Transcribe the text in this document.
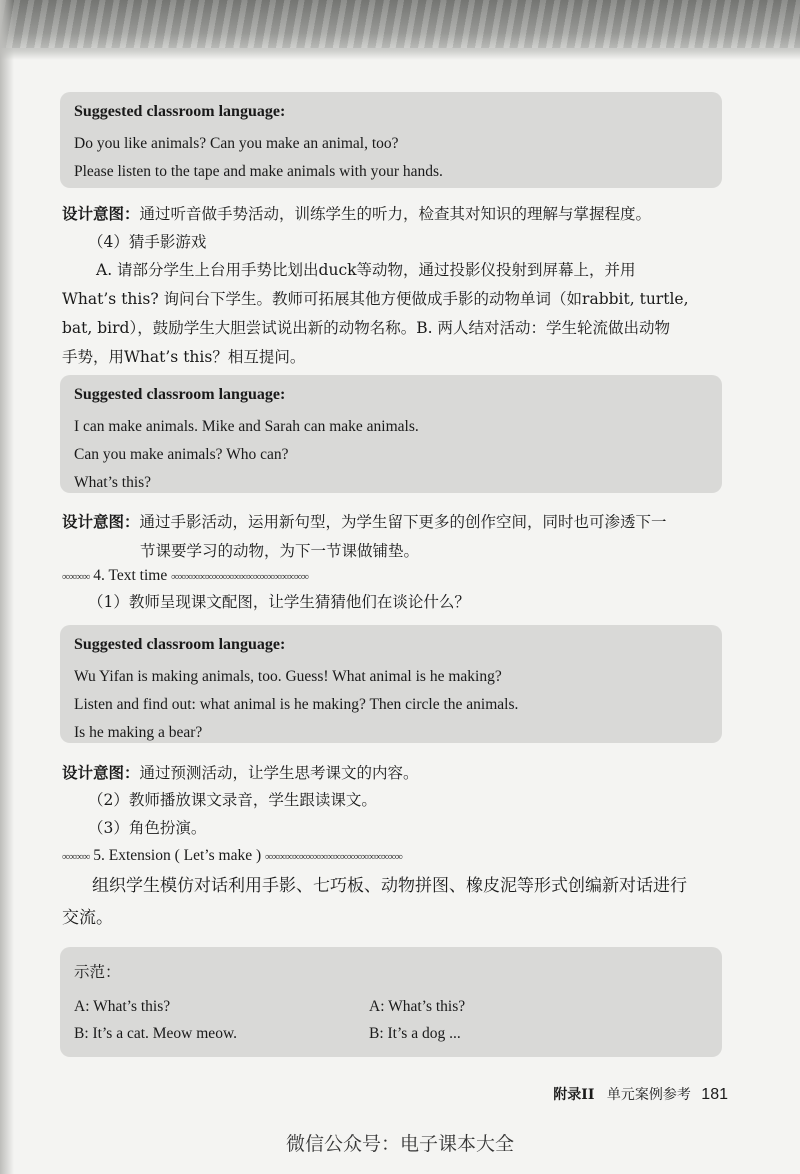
Suggested classroom language:
Do you like animals? Can you make an animal, too?
Please listen to the tape and make animals with your hands.
设计意图：通过听音做手势活动，训练学生的听力，检查其对知识的理解与掌握程度。
（4）猜手影游戏
A. 请部分学生上台用手势比划出duck等动物，通过投影仪投射到屏幕上，并用
What’s this? 询问台下学生。教师可拓展其他方便做成手影的动物单词（如rabbit, turtle,
bat, bird），鼓励学生大胆尝试说出新的动物名称。B. 两人结对活动：学生轮流做出动物
手势，用What’s this？相互提问。
Suggested classroom language:
I can make animals. Mike and Sarah can make animals.
Can you make animals? Who can?
What’s this?
设计意图：通过手影活动，运用新句型，为学生留下更多的创作空间，同时也可渗透下一
节课要学习的动物，为下一节课做铺垫。
∞∞∞∞ 4. Text time ∞∞∞∞∞∞∞∞∞∞∞∞∞∞∞∞∞∞∞∞
（1）教师呈现课文配图，让学生猜猜他们在谈论什么？
Suggested classroom language:
Wu Yifan is making animals, too. Guess! What animal is he making?
Listen and find out: what animal is he making? Then circle the animals.
Is he making a bear?
设计意图：通过预测活动，让学生思考课文的内容。
（2）教师播放课文录音，学生跟读课文。
（3）角色扮演。
∞∞∞∞ 5. Extension ( Let’s make ) ∞∞∞∞∞∞∞∞∞∞∞∞∞∞∞∞∞∞∞∞
组织学生模仿对话利用手影、七巧板、动物拼图、橡皮泥等形式创编新对话进行
交流。
示范：
A: What’s this?
B: It’s a cat. Meow meow.
A: What’s this?
B: It’s a dog ...
附录II 单元案例参考 181
微信公众号：电子课本大全
